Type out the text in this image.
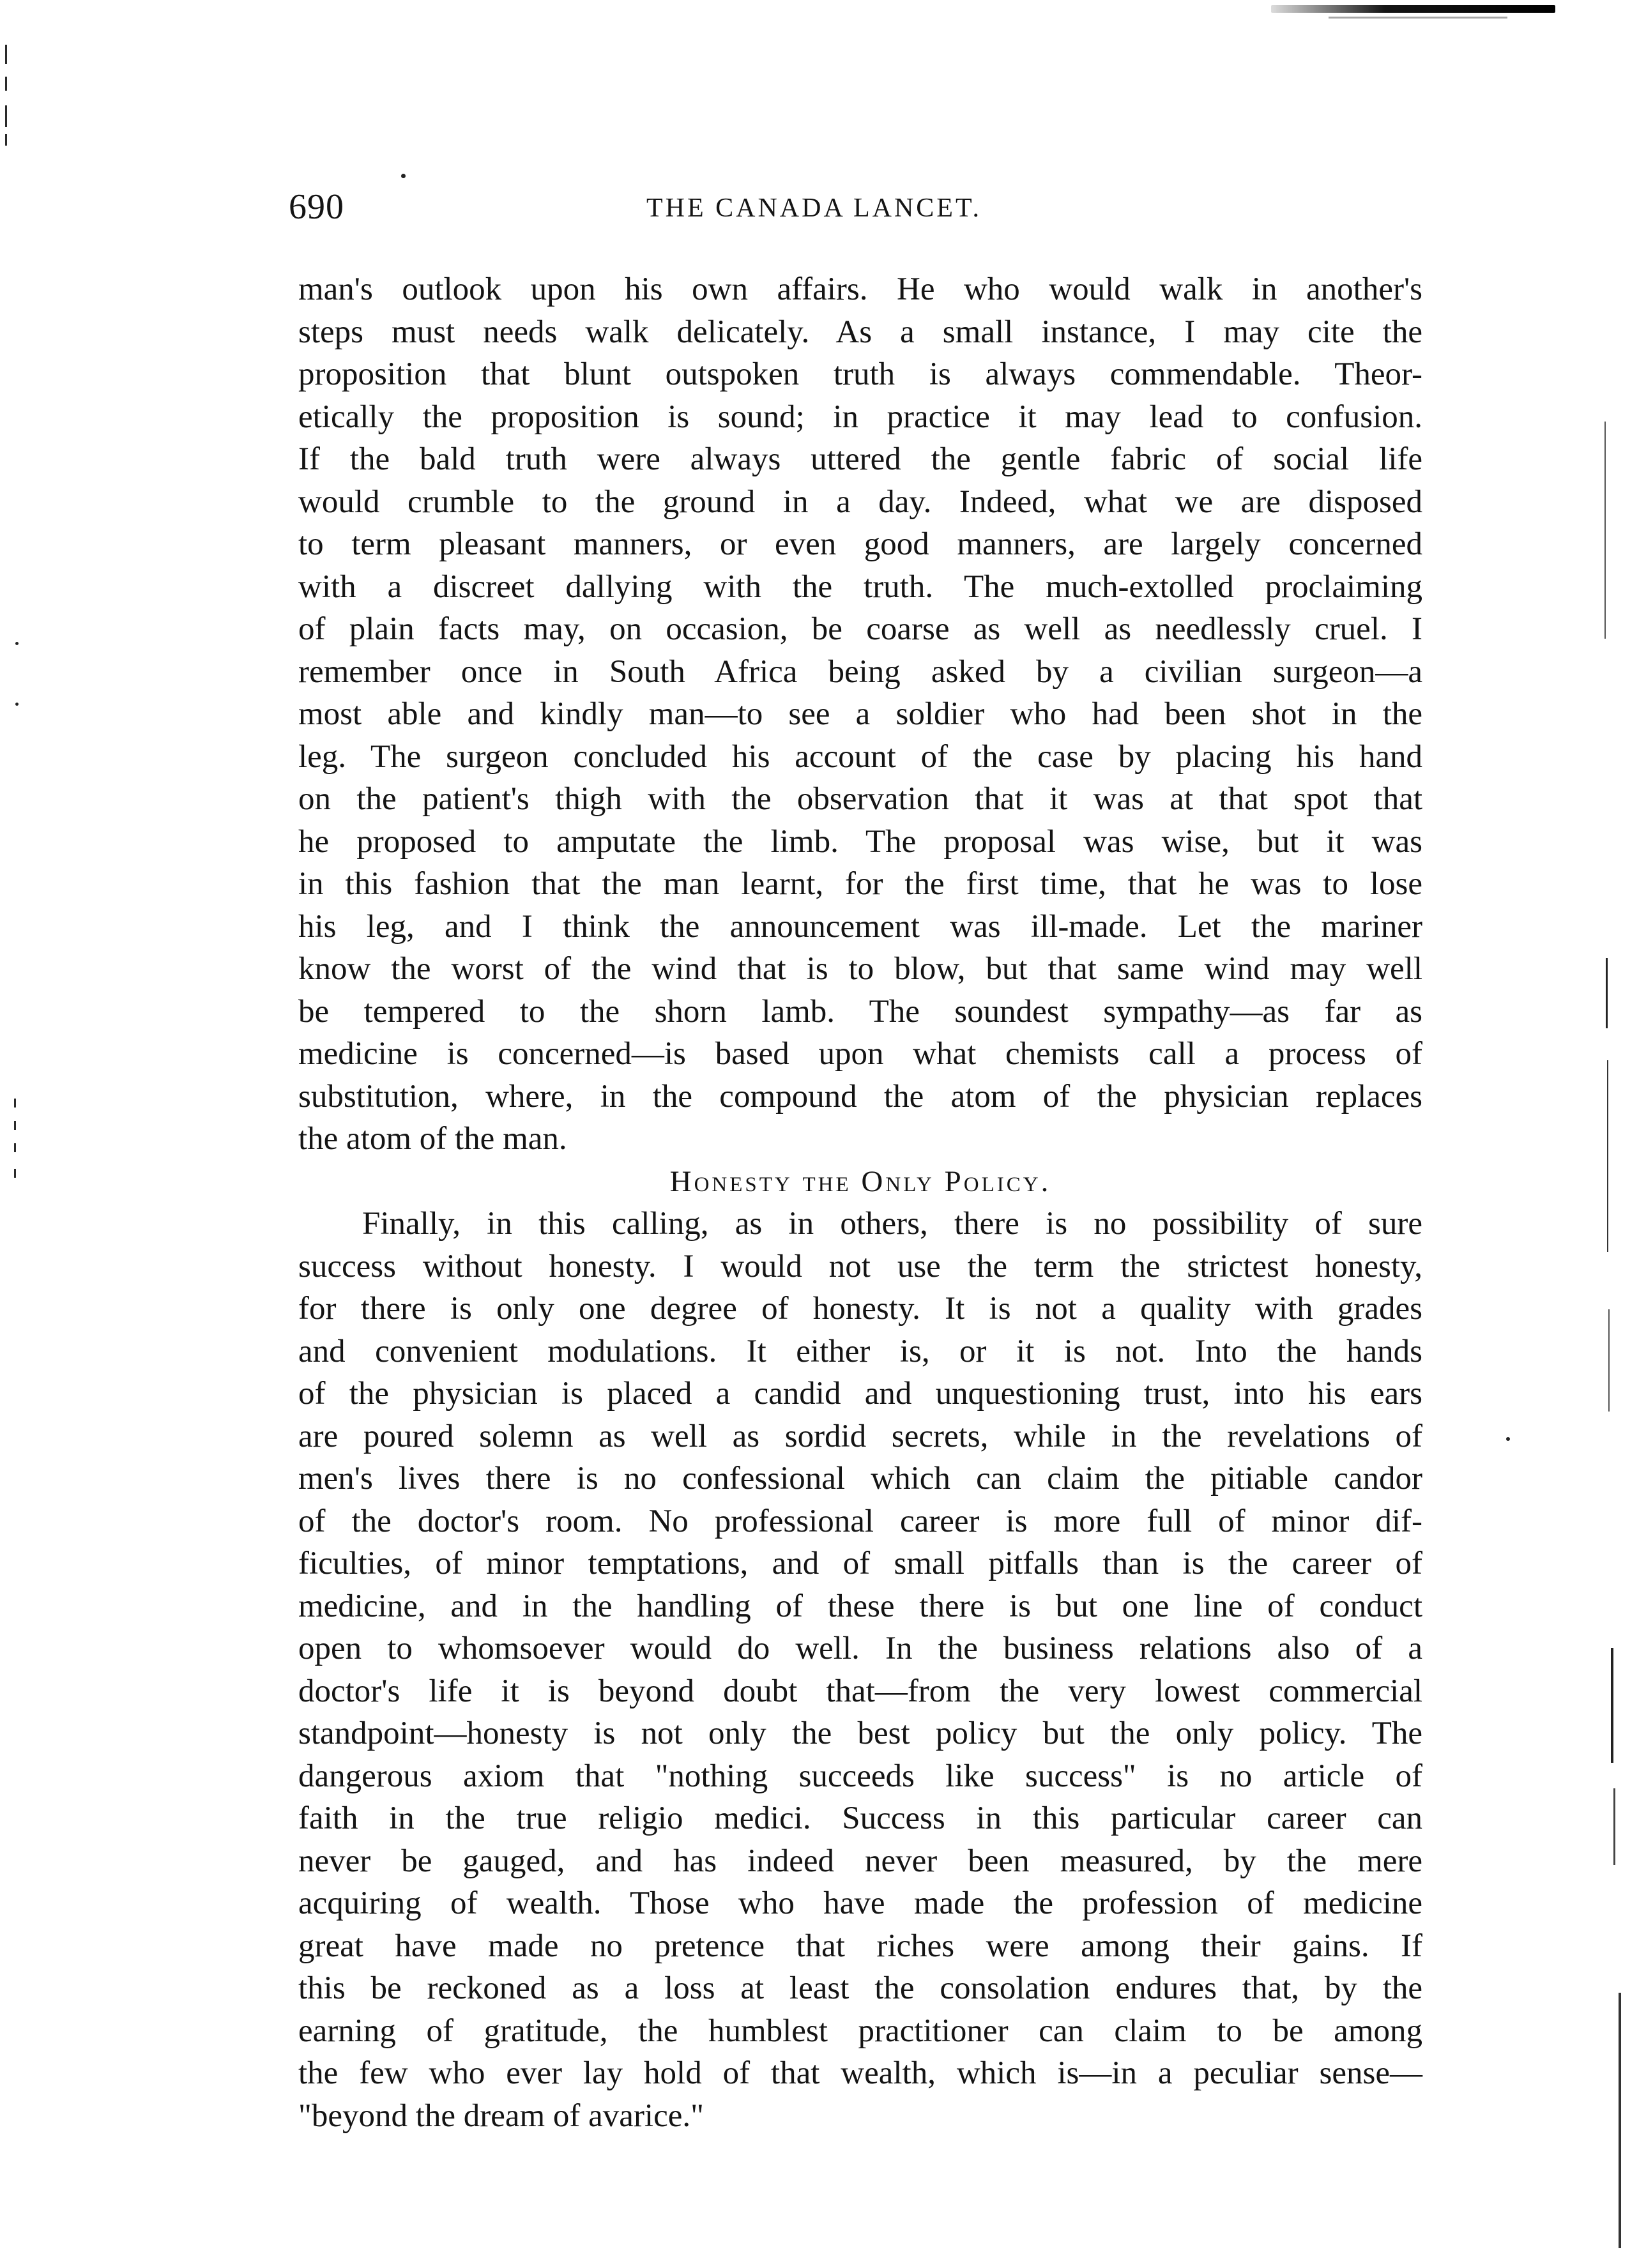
690	THE CANADA LANCET.
man's outlook upon his own affairs. He who would walk in another's
steps must needs walk delicately. As a small instance, I may cite the
proposition that blunt outspoken truth is always commendable. Theor-
etically the proposition is sound; in practice it may lead to confusion.
If the bald truth were always uttered the gentle fabric of social life
would crumble to the ground in a day. Indeed, what we are disposed
to term pleasant manners, or even good manners, are largely concerned
with a discreet dallying with the truth. The much-extolled proclaiming
of plain facts may, on occasion, be coarse as well as needlessly cruel. I
remember once in South Africa being asked by a civilian surgeon—a
most able and kindly man—to see a soldier who had been shot in the
leg. The surgeon concluded his account of the case by placing his hand
on the patient's thigh with the observation that it was at that spot that
he proposed to amputate the limb. The proposal was wise, but it was
in this fashion that the man learnt, for the first time, that he was to lose
his leg, and I think the announcement was ill-made. Let the mariner
know the worst of the wind that is to blow, but that same wind may well
be tempered to the shorn lamb. The soundest sympathy—as far as
medicine is concerned—is based upon what chemists call a process of
substitution, where, in the compound the atom of the physician replaces
the atom of the man.
Honesty the Only Policy.
Finally, in this calling, as in others, there is no possibility of sure
success without honesty. I would not use the term the strictest honesty,
for there is only one degree of honesty. It is not a quality with grades
and convenient modulations. It either is, or it is not. Into the hands
of the physician is placed a candid and unquestioning trust, into his ears
are poured solemn as well as sordid secrets, while in the revelations of
men's lives there is no confessional which can claim the pitiable candor
of the doctor's room. No professional career is more full of minor dif-
ficulties, of minor temptations, and of small pitfalls than is the career of
medicine, and in the handling of these there is but one line of conduct
open to whomsoever would do well. In the business relations also of a
doctor's life it is beyond doubt that—from the very lowest commercial
standpoint—honesty is not only the best policy but the only policy. The
dangerous axiom that "nothing succeeds like success" is no article of
faith in the true religio medici. Success in this particular career can
never be gauged, and has indeed never been measured, by the mere
acquiring of wealth. Those who have made the profession of medicine
great have made no pretence that riches were among their gains. If
this be reckoned as a loss at least the consolation endures that, by the
earning of gratitude, the humblest practitioner can claim to be among
the few who ever lay hold of that wealth, which is—in a peculiar sense—
"beyond the dream of avarice."
